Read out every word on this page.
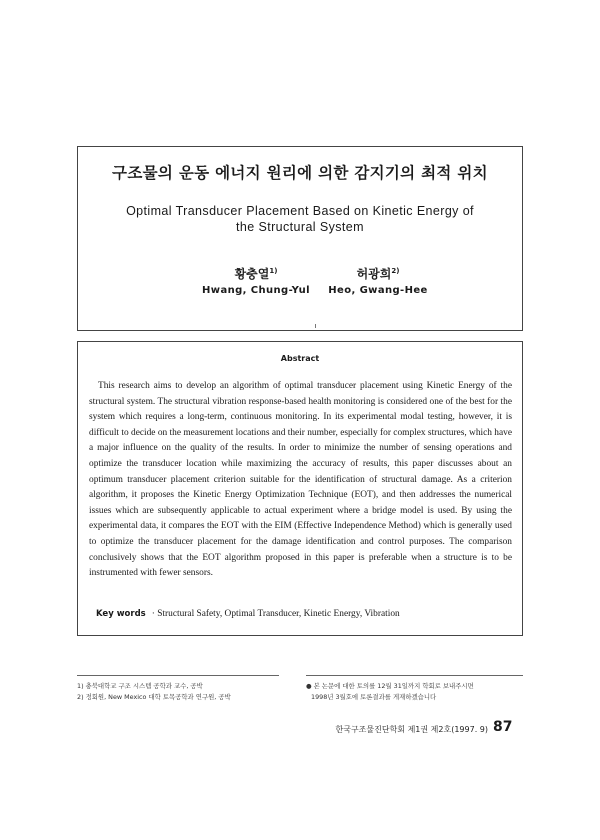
구조물의 운동 에너지 원리에 의한 감지기의 최적 위치
Optimal Transducer Placement Based on Kinetic Energy of the Structural System
황충열$^{1)}$
Hwang, Chung-Yul
허광희$^{2)}$
Heo, Gwang-Hee
Abstract
This research aims to develop an algorithm of optimal transducer placement using Kinetic Energy of the structural system. The structural vibration response-based health monitoring is considered one of the best for the system which requires a long-term, continuous monitoring. In its experimental modal testing, however, it is difficult to decide on the measurement locations and their number, especially for complex structures, which have a major influence on the quality of the results. In order to minimize the number of sensing operations and optimize the transducer location while maximizing the accuracy of results, this paper discusses about an optimum transducer placement criterion suitable for the identification of structural damage. As a criterion algorithm, it proposes the Kinetic Energy Optimization Technique (EOT), and then addresses the numerical issues which are subsequently applicable to actual experiment where a bridge model is used. By using the experimental data, it compares the EOT with the EIM (Effective Independence Method) which is generally used to optimize the transducer placement for the damage identification and control purposes. The comparison conclusively shows that the EOT algorithm proposed in this paper is preferable when a structure is to be instrumented with fewer sensors.
Key words · Structural Safety, Optimal Transducer, Kinetic Energy, Vibration
1) 충북대학교 구조 시스템 공학과 교수, 공박
2) 정회원, New Mexico 대학 토목공학과 연구원, 공박
● 본 논문에 대한 토의를 12월 31일까지 학회로 보내주시면
1998년 3월호에 토론결과를 게재하겠습니다
한국구조물진단학회 제1권 제2호(1997. 9) 87
